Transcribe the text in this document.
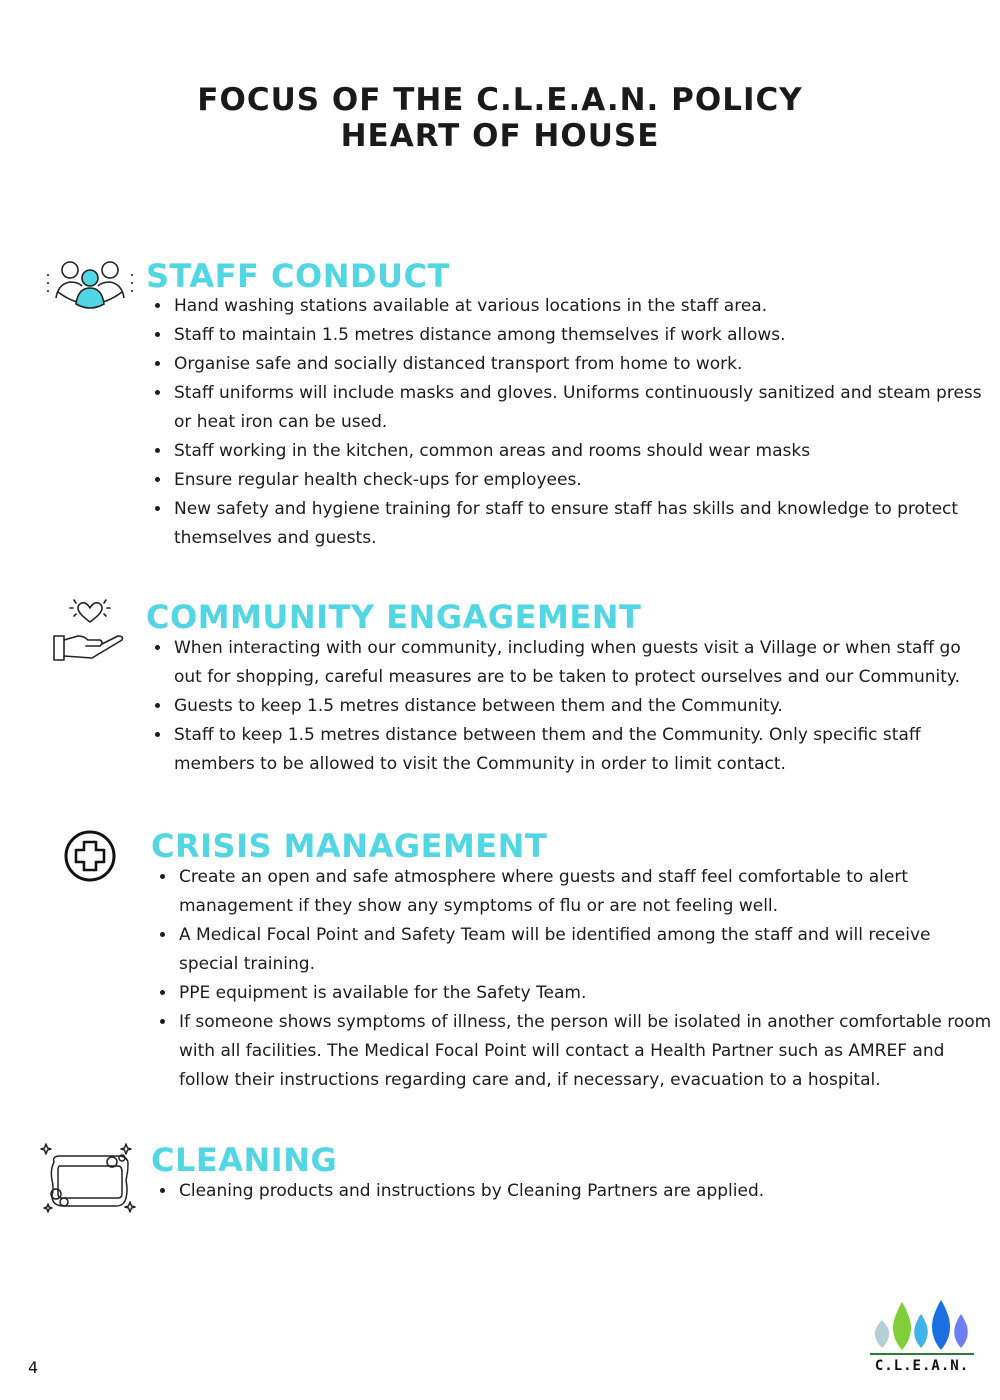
FOCUS OF THE C.L.E.A.N. POLICY
HEART OF HOUSE
STAFF CONDUCT
• Hand washing stations available at various locations in the staff area.
• Staff to maintain 1.5 metres distance among themselves if work allows.
• Organise safe and socially distanced transport from home to work.
• Staff uniforms will include masks and gloves. Uniforms continuously sanitized and steam press or heat iron can be used.
• Staff working in the kitchen, common areas and rooms should wear masks
• Ensure regular health check-ups for employees.
• New safety and hygiene training for staff to ensure staff has skills and knowledge to protect themselves and guests.
COMMUNITY ENGAGEMENT
• When interacting with our community, including when guests visit a Village or when staff go out for shopping, careful measures are to be taken to protect ourselves and our Community.
• Guests to keep 1.5 metres distance between them and the Community.
• Staff to keep 1.5 metres distance between them and the Community. Only specific staff members to be allowed to visit the Community in order to limit contact.
CRISIS MANAGEMENT
• Create an open and safe atmosphere where guests and staff feel comfortable to alert management if they show any symptoms of flu or are not feeling well.
• A Medical Focal Point and Safety Team will be identified among the staff and will receive special training.
• PPE equipment is available for the Safety Team.
• If someone shows symptoms of illness, the person will be isolated in another comfortable room with all facilities. The Medical Focal Point will contact a Health Partner such as AMREF and follow their instructions regarding care and, if necessary, evacuation to a hospital.
CLEANING
• Cleaning products and instructions by Cleaning Partners are applied.
4	C.L.E.A.N.
